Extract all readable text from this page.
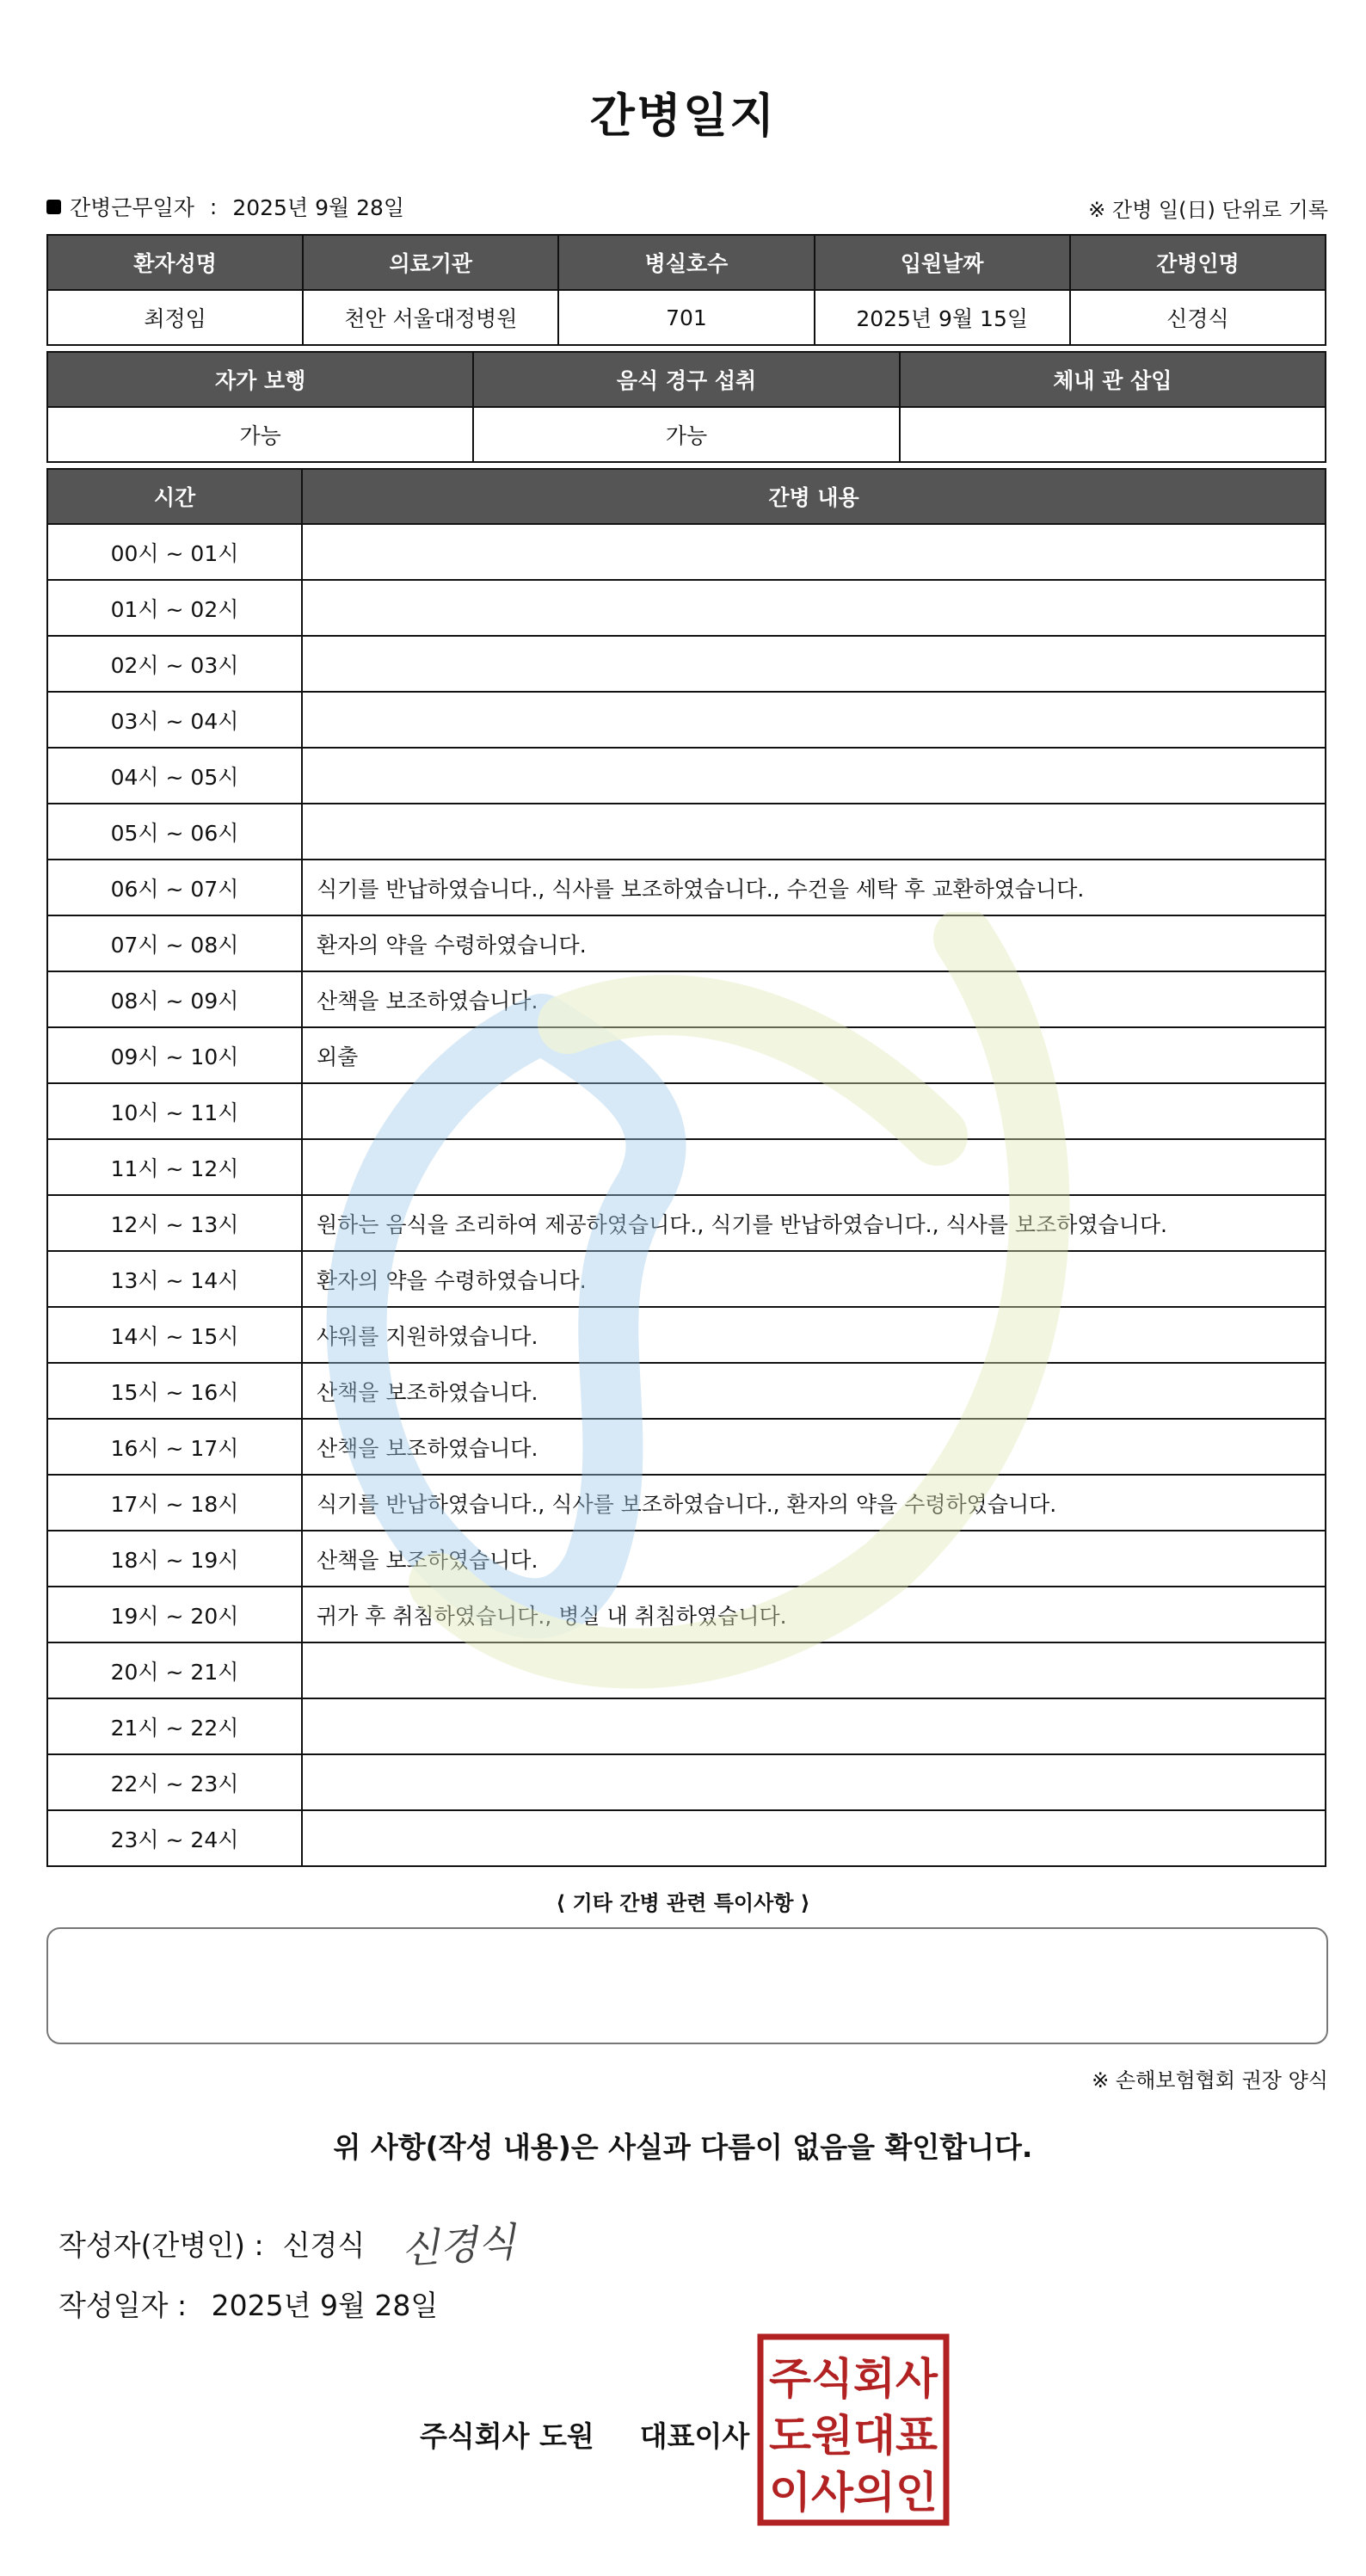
간병일지
간병근무일자 : 2025년 9월 28일	※ 간병 일(日) 단위로 기록
환자성명	의료기관	병실호수	입원날짜	간병인명
최정임	천안 서울대정병원	701	2025년 9월 15일	신경식
자가 보행	음식 경구 섭취	체내 관 삽입
가능	가능	
시간	간병 내용
00시 ~ 01시	
01시 ~ 02시	
02시 ~ 03시	
03시 ~ 04시	
04시 ~ 05시	
05시 ~ 06시	
06시 ~ 07시	식기를 반납하였습니다., 식사를 보조하였습니다., 수건을 세탁 후 교환하였습니다.
07시 ~ 08시	환자의 약을 수령하였습니다.
08시 ~ 09시	산책을 보조하였습니다.
09시 ~ 10시	외출
10시 ~ 11시	
11시 ~ 12시	
12시 ~ 13시	원하는 음식을 조리하여 제공하였습니다., 식기를 반납하였습니다., 식사를 보조하였습니다.
13시 ~ 14시	환자의 약을 수령하였습니다.
14시 ~ 15시	샤워를 지원하였습니다.
15시 ~ 16시	산책을 보조하였습니다.
16시 ~ 17시	산책을 보조하였습니다.
17시 ~ 18시	식기를 반납하였습니다., 식사를 보조하였습니다., 환자의 약을 수령하였습니다.
18시 ~ 19시	산책을 보조하였습니다.
19시 ~ 20시	귀가 후 취침하였습니다., 병실 내 취침하였습니다.
20시 ~ 21시	
21시 ~ 22시	
22시 ~ 23시	
23시 ~ 24시	
⟨ 기타 간병 관련 특이사항 ⟩
※ 손해보험협회 권장 양식
위 사항(작성 내용)은 사실과 다름이 없음을 확인합니다.
작성자(간병인) : 신경식 신경식
작성일자 : 2025년 9월 28일
주식회사 도원 대표이사
주식회사
도원대표
이사의인
